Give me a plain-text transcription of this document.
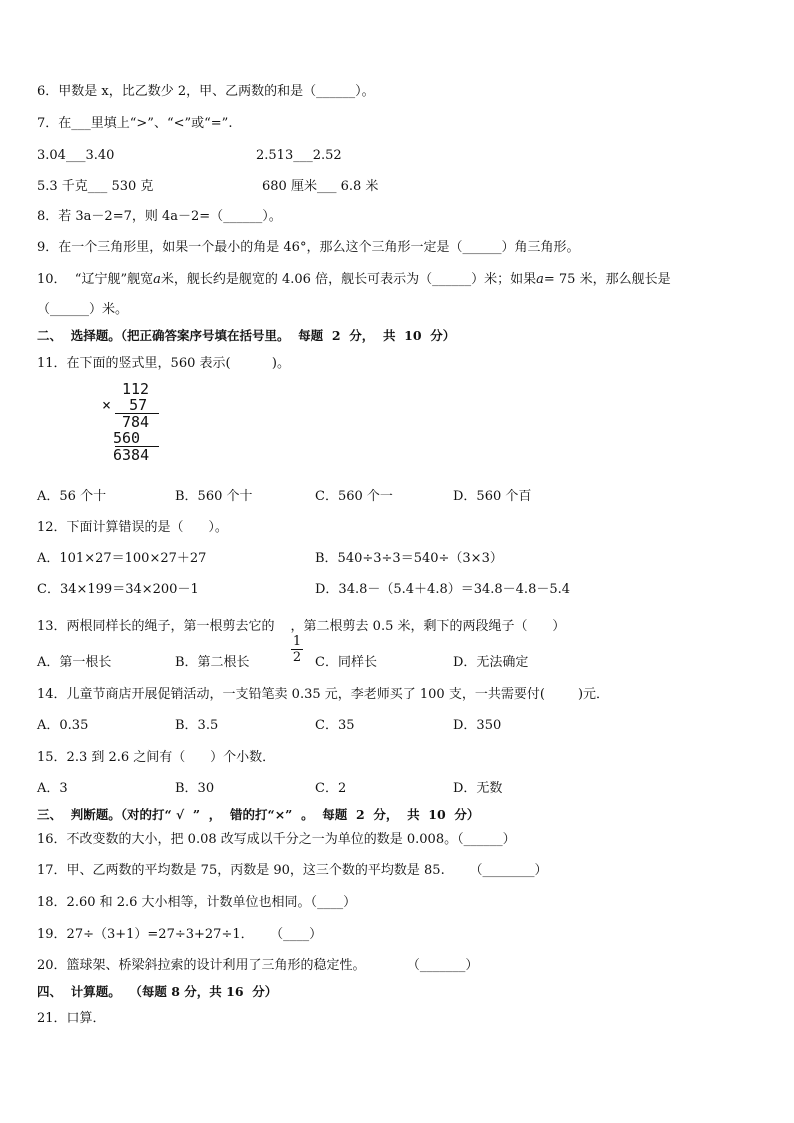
6．甲数是 x，比乙数少 2，甲、乙两数的和是（______）。
7．在___里填上“>”、“<”或“=”.
3.04___3.40	2.513___2.52
5.3 千克___ 530 克	680 厘米___ 6.8 米
8．若 3a－2=7，则 4a－2=（______）。
9．在一个三角形里，如果一个最小的角是 46°，那么这个三角形一定是（______）角三角形。
10．  “辽宁舰”舰宽a米，舰长约是舰宽的 4.06 倍，舰长可表示为（______）米；如果a= 75 米，那么舰长是
（______）米。
二、  选择题。（把正确答案序号填在括号里。  每题  2  分，  共  10  分）
11．在下面的竖式里，560 表示(          )。
112
×  57
784
560
6384
A．56 个十	B．560 个十	C．560 个一	D．560 个百
12．下面计算错误的是（      ）。
A．101×27＝100×27＋27	B．540÷3÷3＝540÷（3×3）
C．34×199＝34×200－1	D．34.8－（5.4＋4.8）＝34.8－4.8－5.4
13．两根同样长的绳子，第一根剪去它的 ，第二根剪去 0.5 米，剩下的两段绳子（      ）
1
2
A．第一根长	B．第二根长	C．同样长	D．无法确定
14．儿童节商店开展促销活动，一支铅笔卖 0.35 元，李老师买了 100 支，一共需要付(        )元．
A．0.35	B．3.5	C．35	D．350
15．2.3 到 2.6 之间有（      ）个小数．
A．3	B．30	C．2	D．无数
三、  判断题。（对的打“ √  ”  ，  错的打“×”  。  每题  2  分，  共  10  分）
16．不改变数的大小，把 0.08 改写成以千分之一为单位的数是 0.008。（______）
17．甲、乙两数的平均数是 75，丙数是 90，这三个数的平均数是 85.      （________）
18．2.60 和 2.6 大小相等，计数单位也相同。（____）
19．27÷（3+1）=27÷3+27÷1．    （____）
20．篮球架、桥梁斜拉索的设计利用了三角形的稳定性。          （_______）
四、  计算题。  （每题 8 分，共 16  分）
21．口算．
